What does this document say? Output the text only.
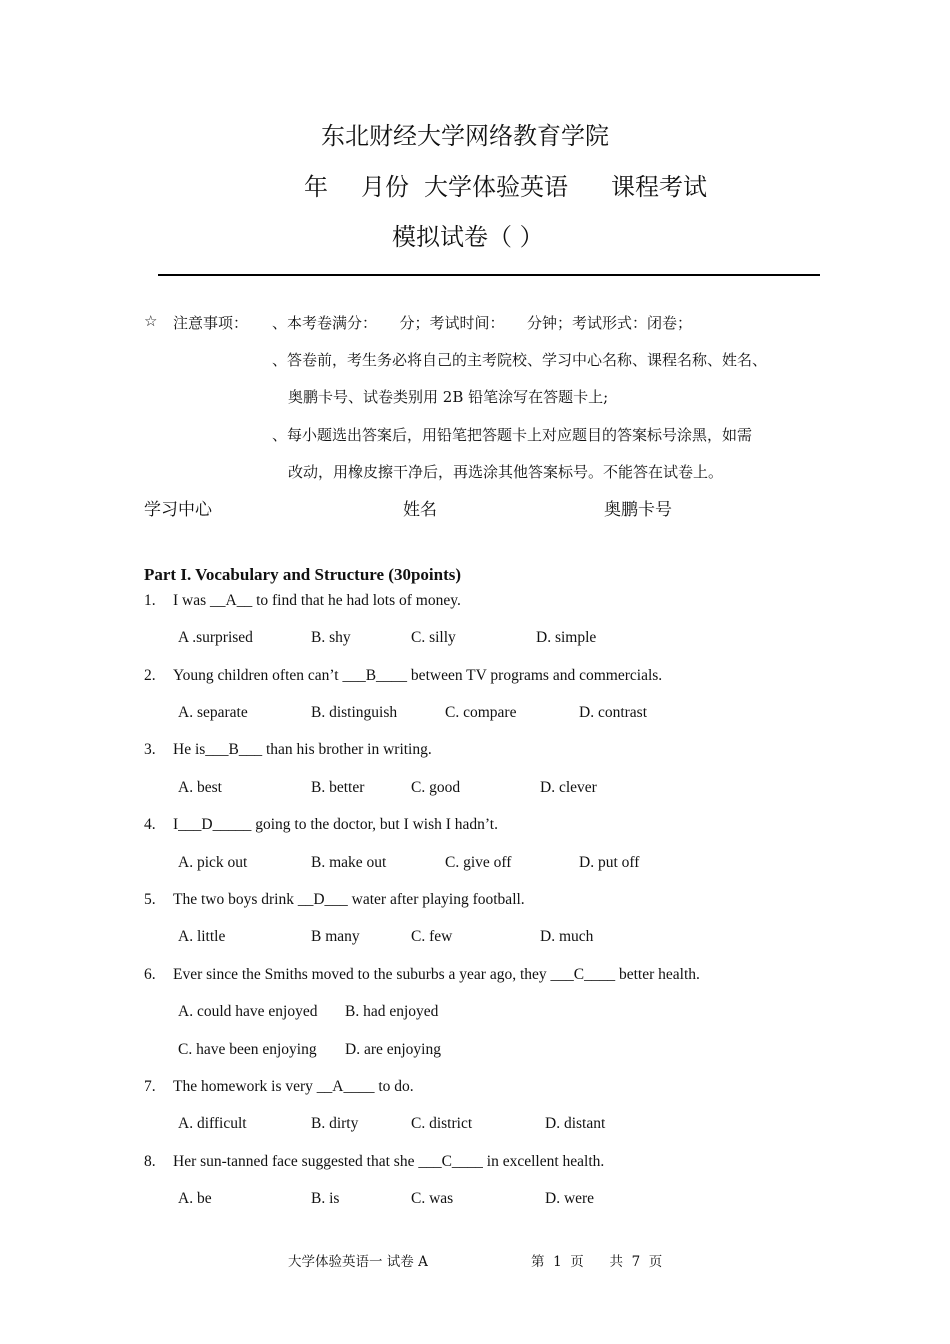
东北财经大学网络教育学院
年 月份 大学体验英语 课程考试
模拟试卷（ ）
☆ 注意事项： 、本考卷满分：　　分；考试时间：　　分钟；考试形式：闭卷；
、答卷前，考生务必将自己的主考院校、学习中心名称、课程名称、姓名、
奥鹏卡号、试卷类别用 2B 铅笔涂写在答题卡上;
、每小题选出答案后，用铅笔把答题卡上对应题目的答案标号涂黑，如需
改动，用橡皮擦干净后，再选涂其他答案标号。不能答在试卷上。
学习中心	姓名	奥鹏卡号
Part I. Vocabulary and Structure (30points)
1. I was __A__ to find that he had lots of money.
A .surprised	B. shy	C. silly	D. simple
2. Young children often can’t ___B____ between TV programs and commercials.
A. separate	B. distinguish	C. compare	D. contrast
3. He is___B___ than his brother in writing.
A. best	B. better	C. good	D. clever
4. I___D_____ going to the doctor, but I wish I hadn’t.
A. pick out	B. make out	C. give off	D. put off
5. The two boys drink __D___ water after playing football.
A. little	B many	C. few	D. much
6. Ever since the Smiths moved to the suburbs a year ago, they ___C____ better health.
A. could have enjoyed B. had enjoyed
C. have been enjoying D. are enjoying
7. The homework is very __A____ to do.
A. difficult	B. dirty	C. district	D. distant
8. Her sun-tanned face suggested that she ___C____ in excellent health.
A. be	B. is	C. was	D. were
大学体验英语一 试卷 A	第  1  页      共  7  页
